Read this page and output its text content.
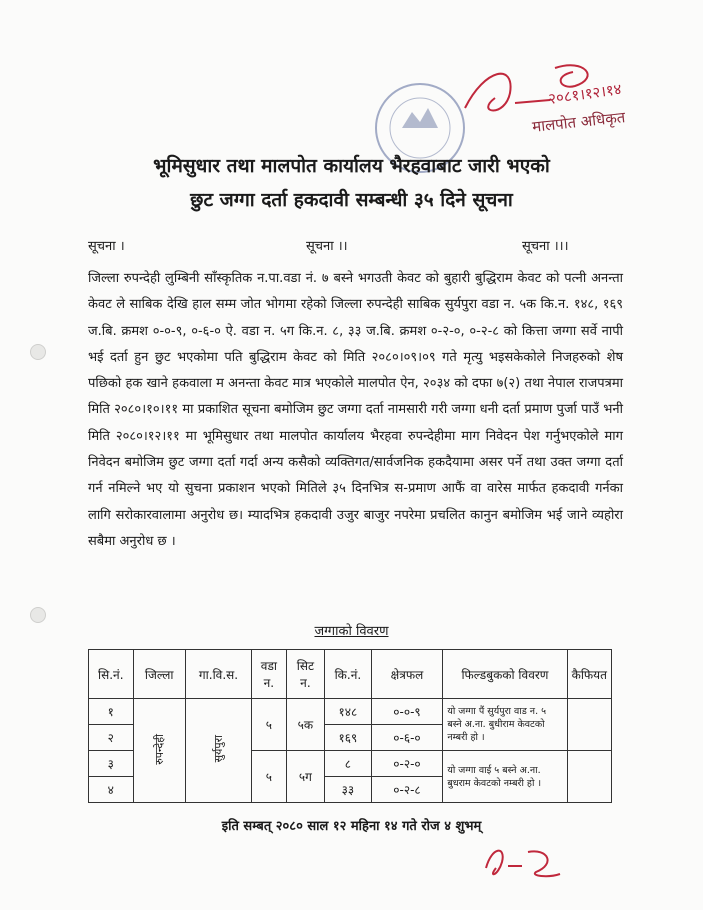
२०८१।१२।१४
मालपोत अधिकृत
भूमिसुधार तथा मालपोत कार्यालय भैरहवाबाट जारी भएको
छुट जग्गा दर्ता हकदावी सम्बन्धी ३५ दिने सूचना
सूचना ।	सूचना ।।	सूचना ।।।
जिल्ला रुपन्देही लुम्बिनी साँस्कृतिक न.पा.वडा नं. ७ बस्ने भगउती केवट को बुहारी बुद्धिराम केवट को पत्नी अनन्ता केवट ले साबिक देखि हाल सम्म जोत भोगमा रहेको जिल्ला रुपन्देही साबिक सुर्यपुरा वडा न. ५क कि.न. १४८, १६९ ज.बि. क्रमश ०-०-९, ०-६-० ऐ. वडा न. ५ग कि.न. ८, ३३ ज.बि. क्रमश ०-२-०, ०-२-८ को कित्ता जग्गा सर्वे नापी भई दर्ता हुन छुट भएकोमा पति बुद्धिराम केवट को मिति २०८०।०९।०९ गते मृत्यु भइसकेकोले निजहरुको शेष पछिको हक खाने हकवाला म अनन्ता केवट मात्र भएकोले मालपोत ऐन, २०३४ को दफा ७(२) तथा नेपाल राजपत्रमा मिति २०८०।१०।११ मा प्रकाशित सूचना बमोजिम छुट जग्गा दर्ता नामसारी गरी जग्गा धनी दर्ता प्रमाण पुर्जा पाउँ भनी मिति २०८०।१२।११ मा भूमिसुधार तथा मालपोत कार्यालय भैरहवा रुपन्देहीमा माग निवेदन पेश गर्नुभएकोले माग निवेदन बमोजिम छुट जग्गा दर्ता गर्दा अन्य कसैको व्यक्तिगत/सार्वजनिक हकदैयामा असर पर्ने तथा उक्त जग्गा दर्ता गर्न नमिल्ने भए यो सुचना प्रकाशन भएको मितिले ३५ दिनभित्र स-प्रमाण आफैं वा वारेस मार्फत हकदावी गर्नका लागि सरोकारवालामा अनुरोध छ। म्यादभित्र हकदावी उजुर बाजुर नपरेमा प्रचलित कानुन बमोजिम भई जाने व्यहोरा सबैमा अनुरोध छ ।
जग्गाको विवरण
सि.नं.	जिल्ला	गा.वि.स.	वडा न.	सिट न.	कि.नं.	क्षेत्रफल	फिल्डबुकको विवरण	कैफियत
१	रुपन्देही	सुर्यपुरा	५	५क	१४८	०-०-९	यो जग्गा पैं सुर्यपुरा वाड न. ५ बस्ने अ.ना. बुधीराम केवटको नम्बरी हो ।	
२					१६९	०-६-०		
३			५	५ग	८	०-२-०	यो जग्गा वाई ५ बस्ने अ.ना. बुधराम केवटको नम्बरी हो ।	
४					३३	०-२-८		
इति सम्बत् २०८० साल १२ महिना १४ गते रोज ४ शुभम्
